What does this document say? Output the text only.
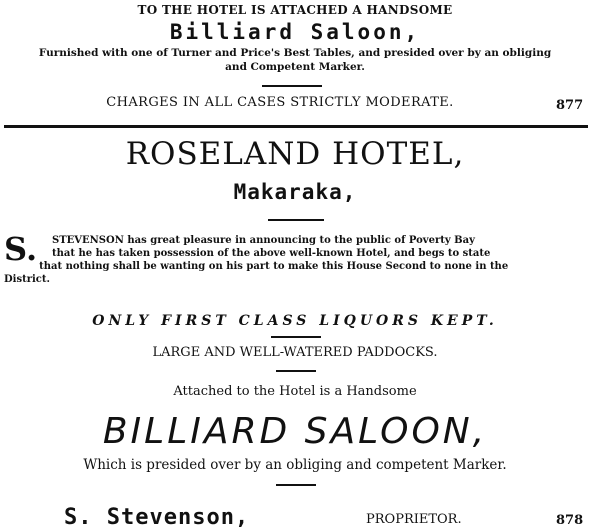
TO THE HOTEL IS ATTACHED A HANDSOME
Billiard Saloon,
Furnished with one of Turner and Price's Best Tables, and presided over by an obliging
and Competent Marker.
CHARGES IN ALL CASES STRICTLY MODERATE.	877
ROSELAND HOTEL,
Makaraka,
S. STEVENSON has great pleasure in announcing to the public of Poverty Bay
that he has taken possession of the above well-known Hotel, and begs to state
that nothing shall be wanting on his part to make this House Second to none in the
District.
ONLY FIRST CLASS LIQUORS KEPT.
LARGE AND WELL-WATERED PADDOCKS.
Attached to the Hotel is a Handsome
BILLIARD SALOON,
Which is presided over by an obliging and competent Marker.
S. Stevenson,	PROPRIETOR.	878
